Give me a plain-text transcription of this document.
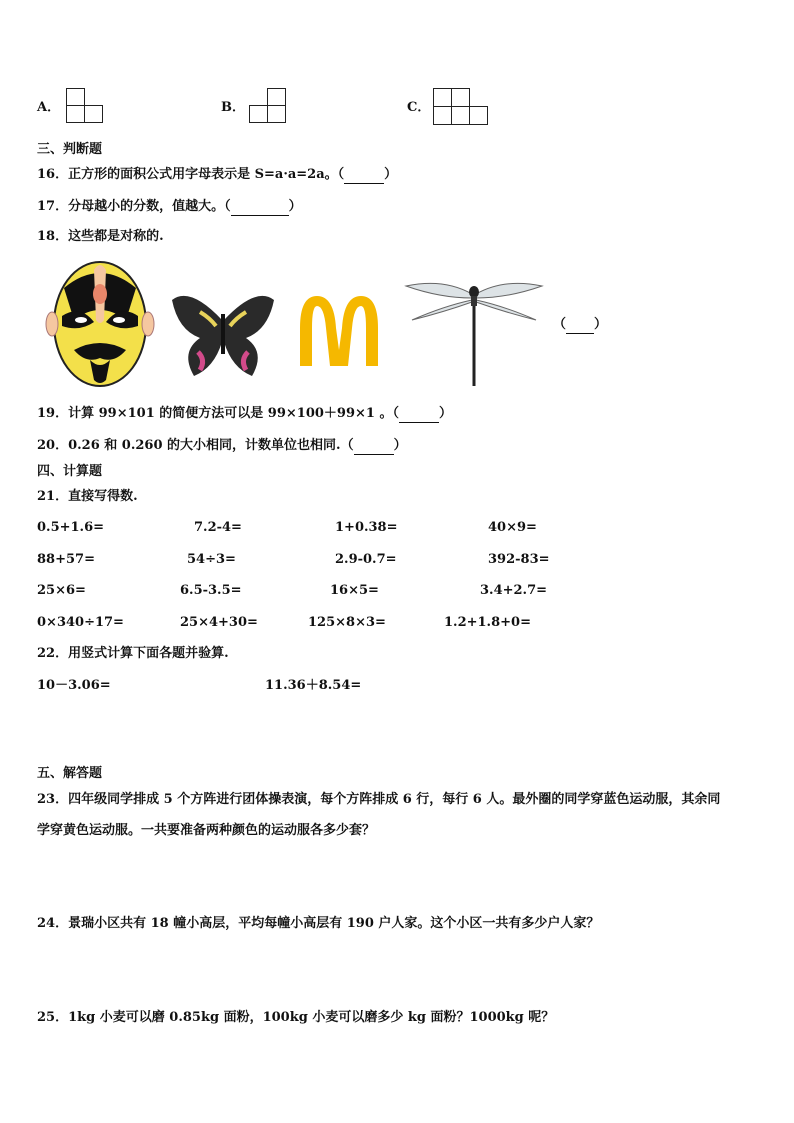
A．	B．	C．
三、判断题
16．正方形的面积公式用字母表示是 S=a·a=2a。（	）
17．分母越小的分数，值越大。（	）
18．这些都是对称的.
（ ）
19．计算 99×101 的简便方法可以是 99×100＋99×1 。（	）
20．0.26 和 0.260 的大小相同，计数单位也相同.（	）
四、计算题
21．直接写得数.
0.5+1.6=	7.2-4=	1+0.38=	40×9=
88+57=	54÷3=	2.9-0.7=	392-83=
25×6=	6.5-3.5=	16×5=	3.4+2.7=
0×340÷17=	25×4+30=	125×8×3=	1.2+1.8+0=
22．用竖式计算下面各题并验算.
10－3.06=	11.36＋8.54=
五、解答题
23．四年级同学排成 5 个方阵进行团体操表演，每个方阵排成 6 行，每行 6 人。最外圈的同学穿蓝色运动服，其余同
学穿黄色运动服。一共要准备两种颜色的运动服各多少套？
24．景瑞小区共有 18 幢小高层，平均每幢小高层有 190 户人家。这个小区一共有多少户人家？
25．1kg 小麦可以磨 0.85kg 面粉，100kg 小麦可以磨多少 kg 面粉？1000kg 呢？
